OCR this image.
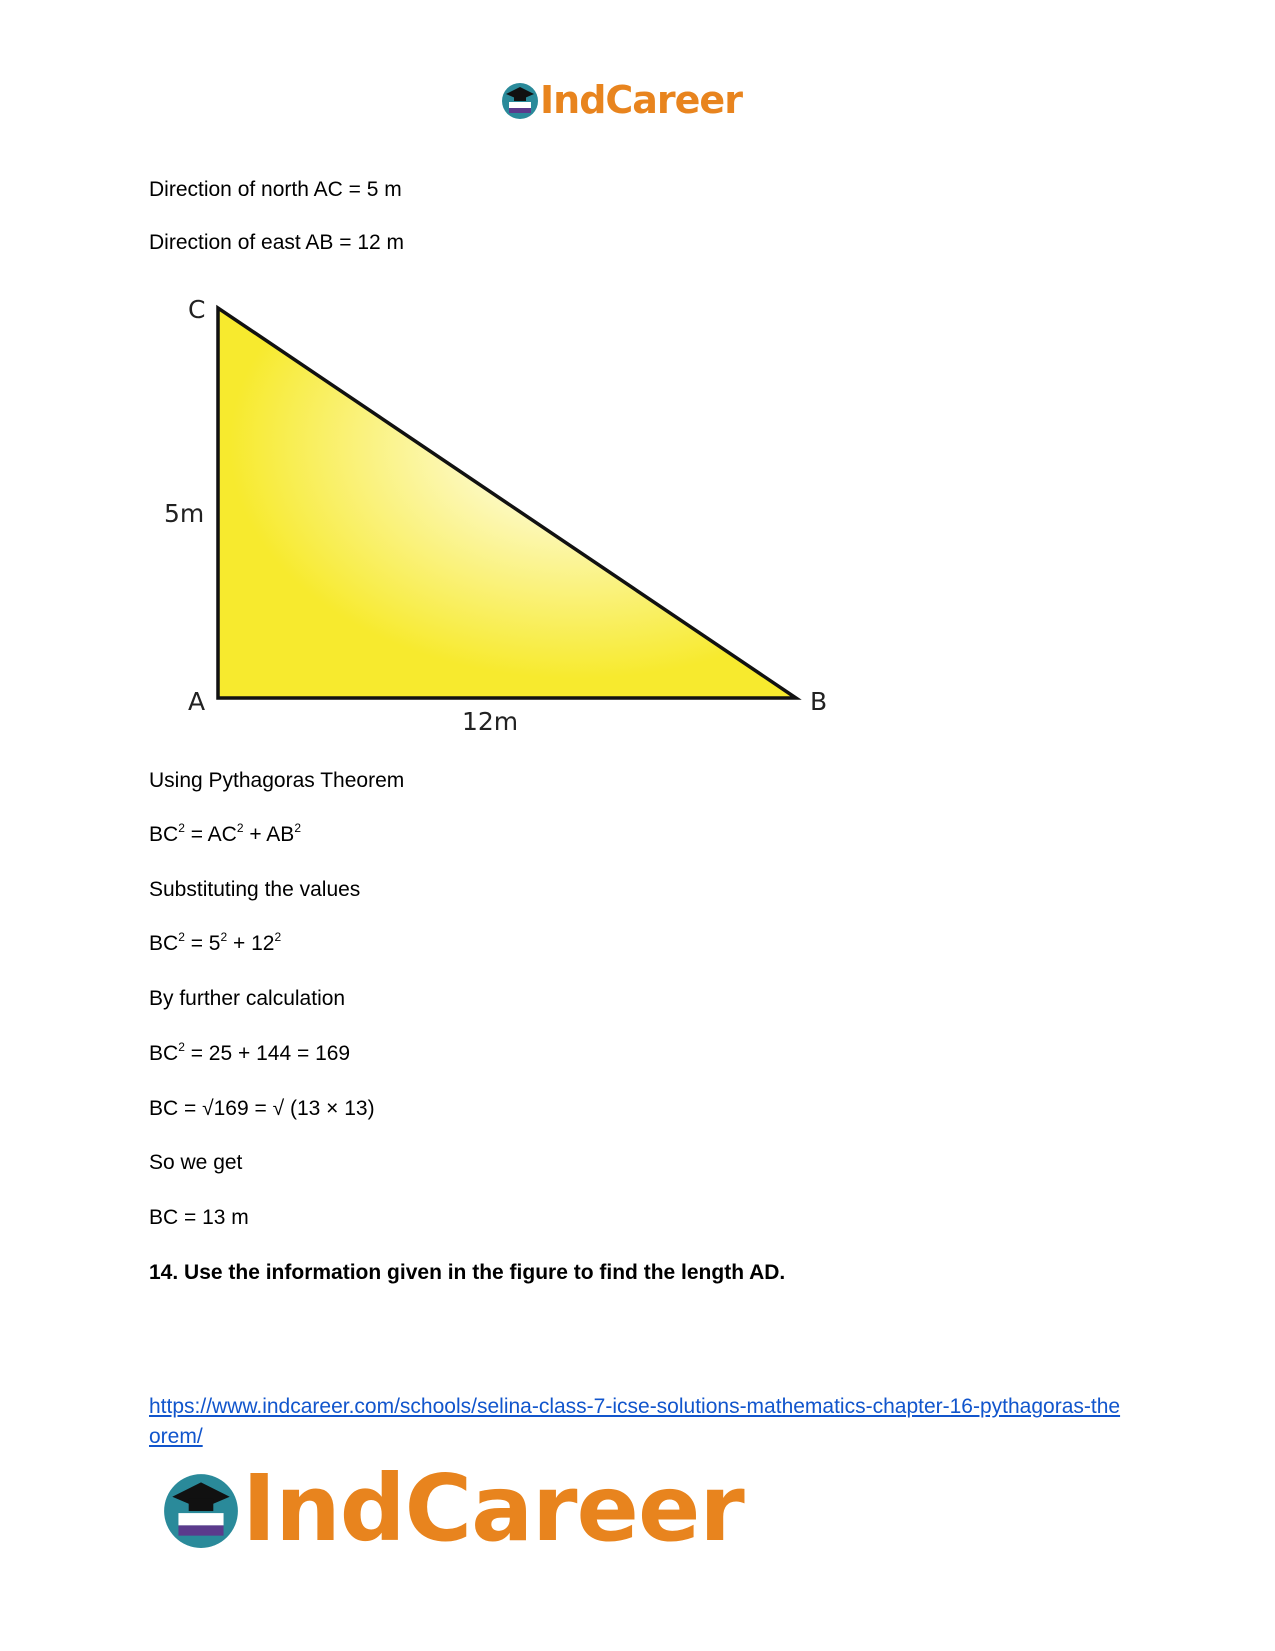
IndCareer
Direction of north AC = 5 m
Direction of east AB = 12 m
C
A	B
5m
12m
Using Pythagoras Theorem
$BC^2 = AC^2 + AB^2$
Substituting the values
$BC^2 = 5^2 + 12^2$
By further calculation
$BC^2 = 25 + 144 = 169$
BC = √169 = √ (13 × 13)
So we get
BC = 13 m
14. Use the information given in the figure to find the length AD.
https://www.indcareer.com/schools/selina-class-7-icse-solutions-mathematics-chapter-16-pythagoras-theorem/
IndCareer
